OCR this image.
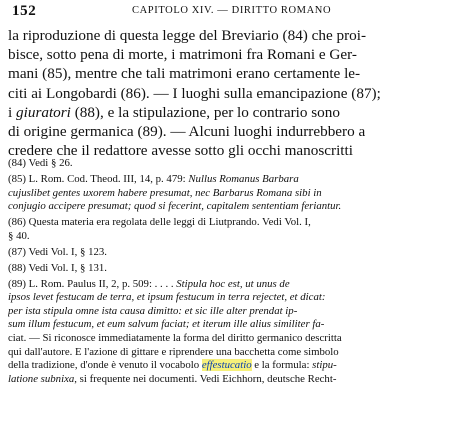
152	CAPITOLO XIV. — DIRITTO ROMANO
la riproduzione di questa legge del Breviario (84) che proi-
bisce, sotto pena di morte, i matrimoni fra Romani e Ger-
mani (85), mentre che tali matrimoni erano certamente le-
citi ai Longobardi (86). — I luoghi sulla emancipazione (87);
i giuratori (88), e la stipulazione, per lo contrario sono
di origine germanica (89). — Alcuni luoghi indurrebbero a
credere che il redattore avesse sotto gli occhi manoscritti
(84) Vedi § 26.
(85) L. Rom. Cod. Theod. III, 14, p. 479: Nullus Romanus Barbara
cujuslibet gentes uxorem habere presumat, nec Barbarus Romana sibi in
conjugio accipere presumat; quod si fecerint, capitalem sententiam feriantur.
(86) Questa materia era regolata delle leggi di Liutprando. Vedi Vol. I,
§ 40.
(87) Vedi Vol. I, § 123.
(88) Vedi Vol. I, § 131.
(89) L. Rom. Paulus II, 2, p. 509: . . . . Stipula hoc est, ut unus de
ipsos levet festucam de terra, et ipsum festucum in terra rejectet, et dicat:
per ista stipula omne ista causa dimitto: et sic ille alter prendat ip-
sum illum festucum, et eum salvum faciat; et iterum ille alius similiter fa-
ciat. — Si riconosce immediatamente la forma del diritto germanico descritta
qui dall'autore. E l'azione di gittare e riprendere una bacchetta come simbolo
della tradizione, d'onde è venuto il vocabolo effestucatio e la formula: stipu-
latione subnixa, si frequente nei documenti. Vedi Eichhorn, deutsche Recht-
